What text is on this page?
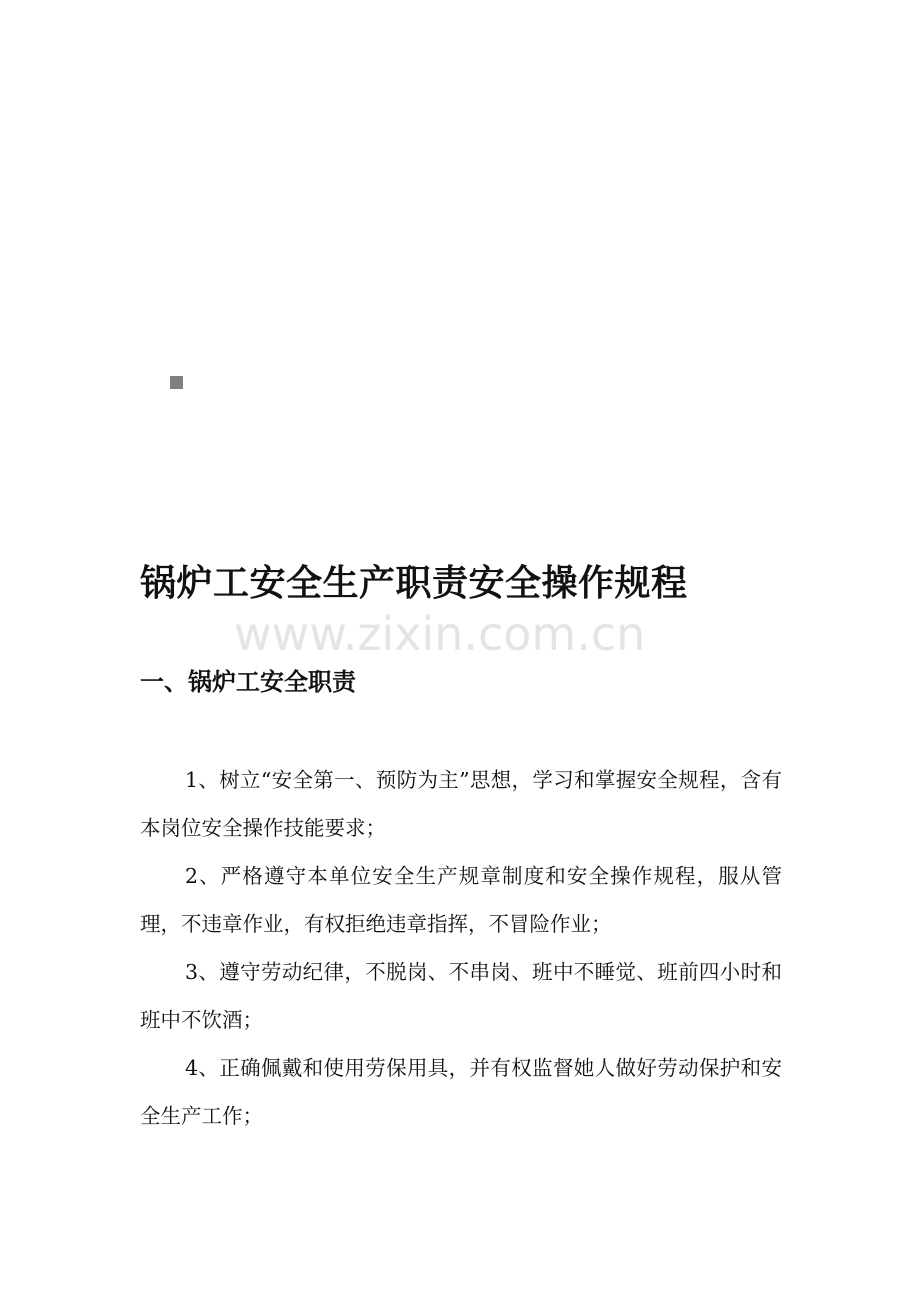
锅炉工安全生产职责安全操作规程
www.zixin.com.cn
一、锅炉工安全职责

1、树立“安全第一、预防为主”思想，学习和掌握安全规程，含有本岗位安全操作技能要求；

2、严格遵守本单位安全生产规章制度和安全操作规程，服从管理，不违章作业，有权拒绝违章指挥，不冒险作业；

3、遵守劳动纪律，不脱岗、不串岗、班中不睡觉、班前四小时和班中不饮酒；

4、正确佩戴和使用劳保用具，并有权监督她人做好劳动保护和安全生产工作；
